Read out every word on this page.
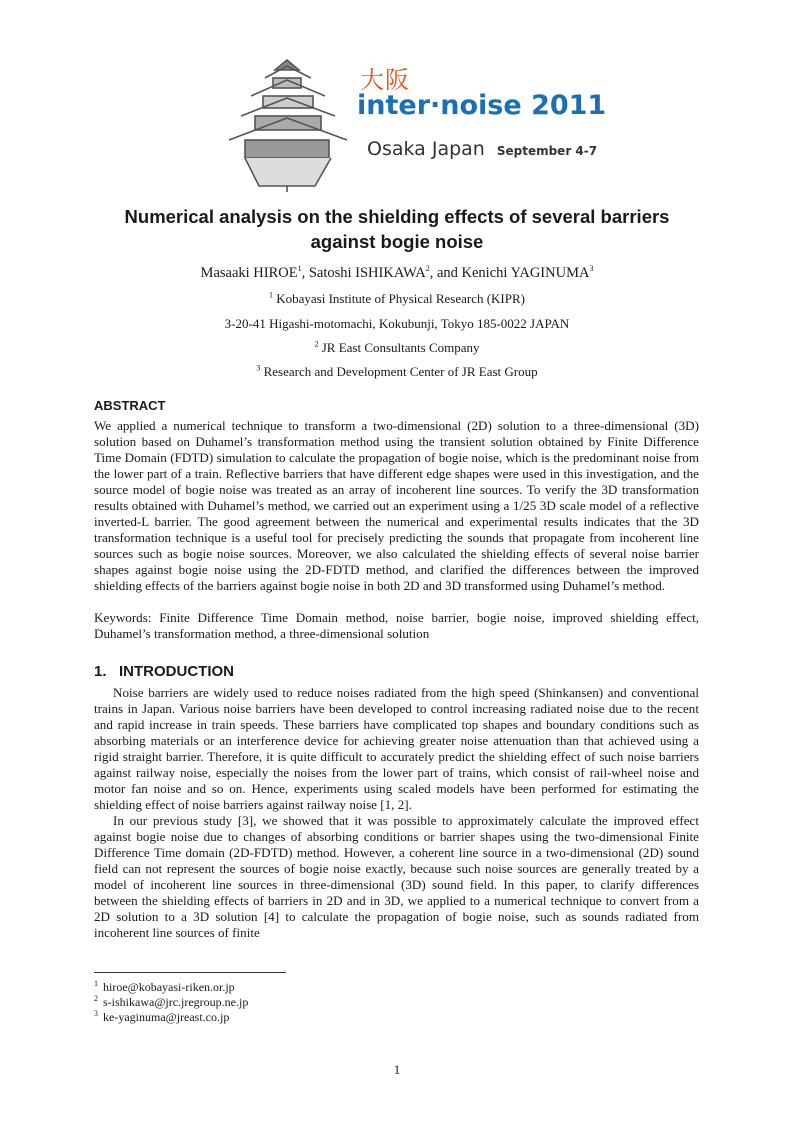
大阪
inter·noise 2011
Osaka Japan September 4-7
Numerical analysis on the shielding effects of several barriers against bogie noise
Masaaki HIROE$^1$, Satoshi ISHIKAWA$^2$, and Kenichi YAGINUMA$^3$
$^1$ Kobayasi Institute of Physical Research (KIPR)
3-20-41 Higashi-motomachi, Kokubunji, Tokyo 185-0022 JAPAN
$^2$ JR East Consultants Company
$^3$ Research and Development Center of JR East Group
ABSTRACT
We applied a numerical technique to transform a two-dimensional (2D) solution to a three-dimensional (3D) solution based on Duhamel’s transformation method using the transient solution obtained by Finite Difference Time Domain (FDTD) simulation to calculate the propagation of bogie noise, which is the predominant noise from the lower part of a train. Reflective barriers that have different edge shapes were used in this investigation, and the source model of bogie noise was treated as an array of incoherent line sources. To verify the 3D transformation results obtained with Duhamel’s method, we carried out an experiment using a 1/25 3D scale model of a reflective inverted-L barrier. The good agreement between the numerical and experimental results indicates that the 3D transformation technique is a useful tool for precisely predicting the sounds that propagate from incoherent line sources such as bogie noise sources. Moreover, we also calculated the shielding effects of several noise barrier shapes against bogie noise using the 2D-FDTD method, and clarified the differences between the improved shielding effects of the barriers against bogie noise in both 2D and 3D transformed using Duhamel’s method.
Keywords: Finite Difference Time Domain method, noise barrier, bogie noise, improved shielding effect, Duhamel’s transformation method, a three-dimensional solution
1.   INTRODUCTION

Noise barriers are widely used to reduce noises radiated from the high speed (Shinkansen) and conventional trains in Japan. Various noise barriers have been developed to control increasing radiated noise due to the recent and rapid increase in train speeds. These barriers have complicated top shapes and boundary conditions such as absorbing materials or an interference device for achieving greater noise attenuation than that achieved using a rigid straight barrier. Therefore, it is quite difficult to accurately predict the shielding effect of such noise barriers against railway noise, especially the noises from the lower part of trains, which consist of rail-wheel noise and motor fan noise and so on. Hence, experiments using scaled models have been performed for estimating the shielding effect of noise barriers against railway noise [1, 2].

In our previous study [3], we showed that it was possible to approximately calculate the improved effect against bogie noise due to changes of absorbing conditions or barrier shapes using the two-dimensional Finite Difference Time domain (2D-FDTD) method. However, a coherent line source in a two-dimensional (2D) sound field can not represent the sources of bogie noise exactly, because such noise sources are generally treated by a model of incoherent line sources in three-dimensional (3D) sound field. In this paper, to clarify differences between the shielding effects of barriers in 2D and in 3D, we applied to a numerical technique to convert from a 2D solution to a 3D solution [4] to calculate the propagation of bogie noise, such as sounds radiated from incoherent line sources of finite

$^1$ hiroe@kobayasi-riken.or.jp
$^2$ s-ishikawa@jrc.jregroup.ne.jp
$^3$ ke-yaginuma@jreast.co.jp
1
